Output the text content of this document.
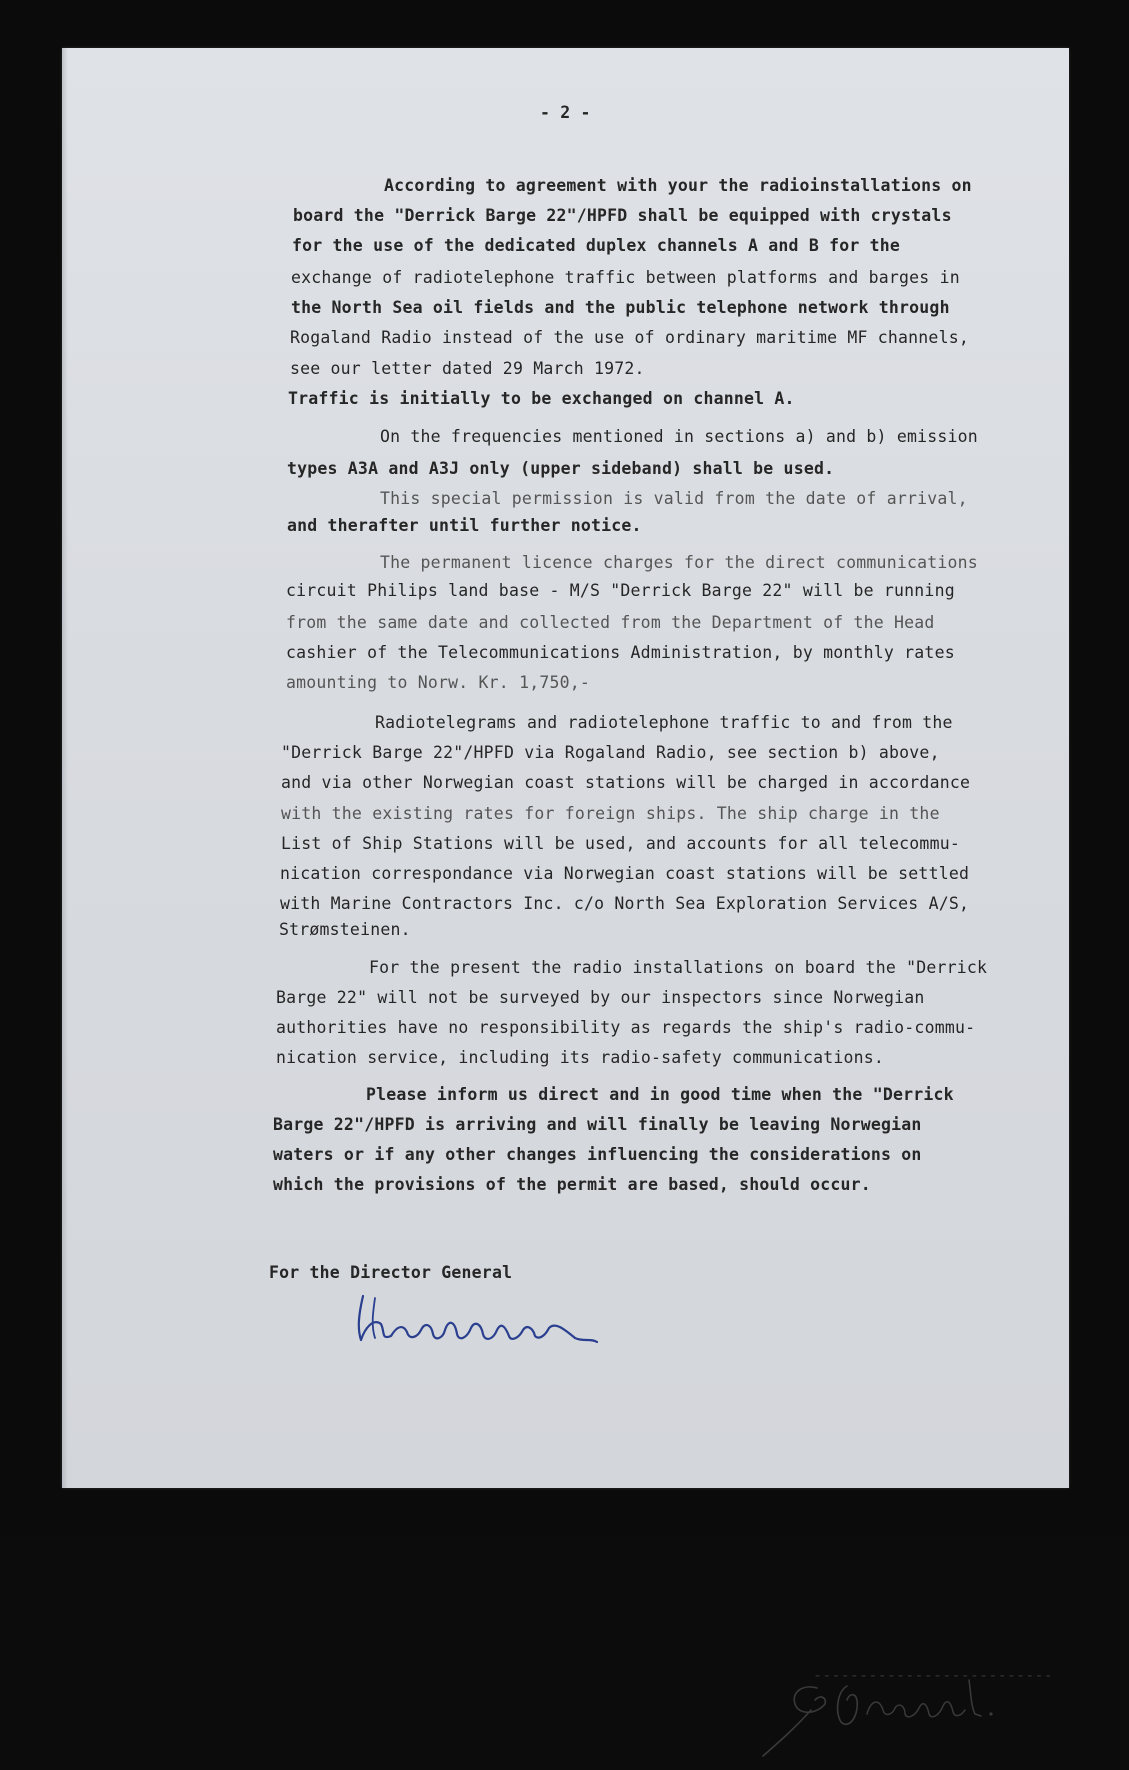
- 2 -
According to agreement with your the radioinstallations on
board the "Derrick Barge 22"/HPFD shall be equipped with crystals
for the use of the dedicated duplex channels A and B for the
exchange of radiotelephone traffic between platforms and barges in
the North Sea oil fields and the public telephone network through
Rogaland Radio instead of the use of ordinary maritime MF channels,
see our letter dated 29 March 1972.
Traffic is initially to be exchanged on channel A.
On the frequencies mentioned in sections a) and b) emission
types A3A and A3J only (upper sideband) shall be used.
This special permission is valid from the date of arrival,
and therafter until further notice.
The permanent licence charges for the direct communications
circuit Philips land base - M/S "Derrick Barge 22" will be running
from the same date and collected from the Department of the Head
cashier of the Telecommunications Administration, by monthly rates
amounting to Norw. Kr. 1,750,-
Radiotelegrams and radiotelephone traffic to and from the
"Derrick Barge 22"/HPFD via Rogaland Radio, see section b) above,
and via other Norwegian coast stations will be charged in accordance
with the existing rates for foreign ships. The ship charge in the
List of Ship Stations will be used, and accounts for all telecommu-
nication correspondance via Norwegian coast stations will be settled
with Marine Contractors Inc. c/o North Sea Exploration Services A/S,
Strømsteinen.
For the present the radio installations on board the "Derrick
Barge 22" will not be surveyed by our inspectors since Norwegian
authorities have no responsibility as regards the ship's radio-commu-
nication service, including its radio-safety communications.
Please inform us direct and in good time when the "Derrick
Barge 22"/HPFD is arriving and will finally be leaving Norwegian
waters or if any other changes influencing the considerations on
which the provisions of the permit are based, should occur.
For the Director General
--------------------------
